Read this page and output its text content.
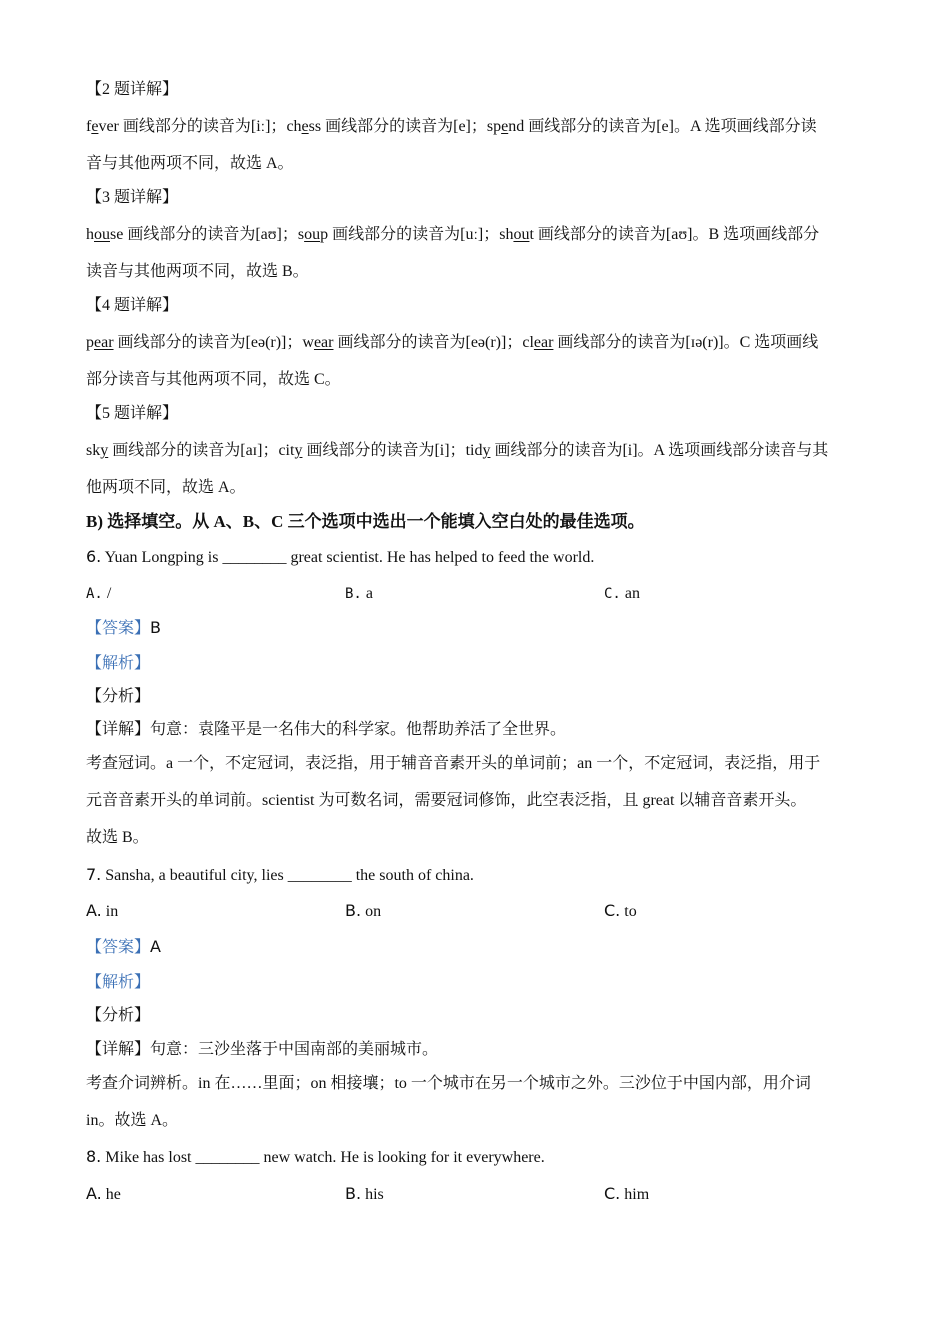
【2 题详解】
fever 画线部分的读音为[iː]；chess 画线部分的读音为[e]；spend 画线部分的读音为[e]。A 选项画线部分读
音与其他两项不同，故选 A。
【3 题详解】
house 画线部分的读音为[aʊ]；soup 画线部分的读音为[uː]；shout 画线部分的读音为[aʊ]。B 选项画线部分
读音与其他两项不同，故选 B。
【4 题详解】
pear 画线部分的读音为[eə(r)]；wear 画线部分的读音为[eə(r)]；clear 画线部分的读音为[ɪə(r)]。C 选项画线
部分读音与其他两项不同，故选 C。
【5 题详解】
sky 画线部分的读音为[aɪ]；city 画线部分的读音为[i]；tidy 画线部分的读音为[i]。A 选项画线部分读音与其
他两项不同，故选 A。
B) 选择填空。从 A、B、C 三个选项中选出一个能填入空白处的最佳选项。
6. Yuan Longping is ________ great scientist. He has helped to feed the world.
A. /	B. a	C. an
【答案】B
【解析】
【分析】
【详解】句意：袁隆平是一名伟大的科学家。他帮助养活了全世界。
考查冠词。a 一个，不定冠词，表泛指，用于辅音音素开头的单词前；an 一个，不定冠词，表泛指，用于
元音音素开头的单词前。scientist 为可数名词，需要冠词修饰，此空表泛指，且 great 以辅音音素开头。
故选 B。
7. Sansha, a beautiful city, lies ________ the south of china.
A. in	B. on	C. to
【答案】A
【解析】
【分析】
【详解】句意：三沙坐落于中国南部的美丽城市。
考查介词辨析。in 在……里面；on 相接壤；to 一个城市在另一个城市之外。三沙位于中国内部，用介词
in。故选 A。
8. Mike has lost ________ new watch. He is looking for it everywhere.
A. he	B. his	C. him
